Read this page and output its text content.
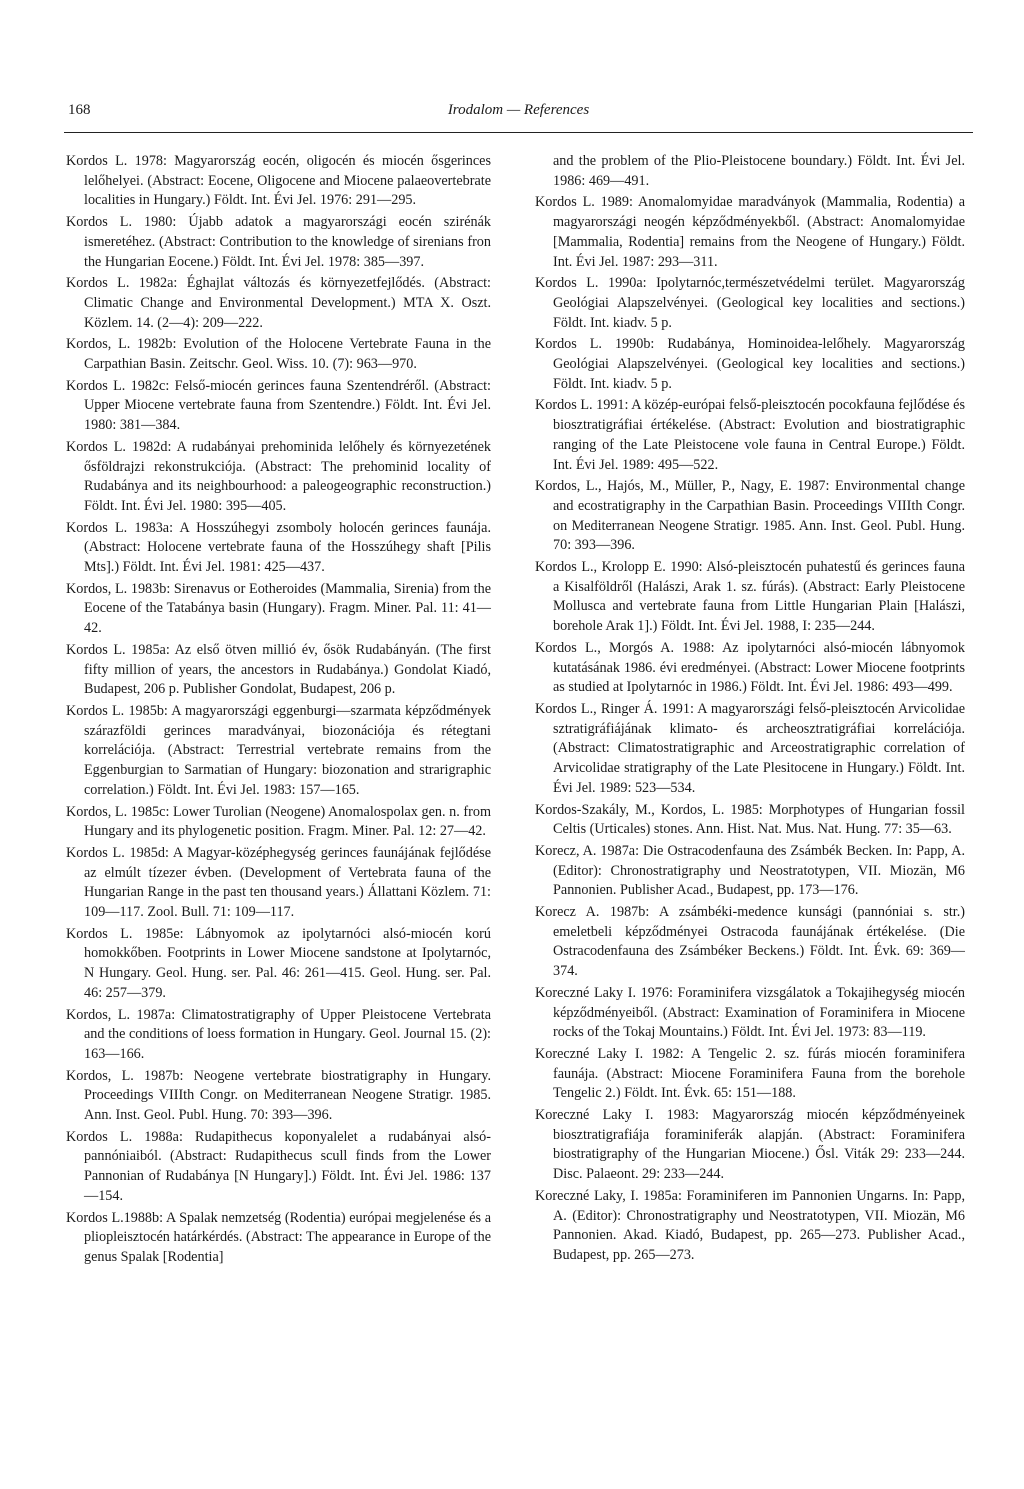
168	Irodalom — References

Kordos L. 1978: Magyarország eocén, oligocén és miocén ősgerinces lelőhelyei. (Abstract: Eocene, Oligocene and Miocene palaeovertebrate localities in Hungary.) Földt. Int. Évi Jel. 1976: 291—295.

Kordos L. 1980: Újabb adatok a magyarországi eocén szirénák ismeretéhez. (Abstract: Contribution to the knowledge of sirenians fron the Hungarian Eocene.) Földt. Int. Évi Jel. 1978: 385—397.

Kordos L. 1982a: Éghajlat változás és környezetfejlődés. (Abstract: Climatic Change and Environmental Development.) MTA X. Oszt. Közlem. 14. (2—4): 209—222.

Kordos, L. 1982b: Evolution of the Holocene Vertebrate Fauna in the Carpathian Basin. Zeitschr. Geol. Wiss. 10. (7): 963—970.

Kordos L. 1982c: Felső-miocén gerinces fauna Szentendréről. (Abstract: Upper Miocene vertebrate fauna from Szentendre.) Földt. Int. Évi Jel. 1980: 381—384.

Kordos L. 1982d: A rudabányai prehominida lelőhely és környezetének ősföldrajzi rekonstrukciója. (Abstract: The prehominid locality of Rudabánya and its neighbourhood: a paleogeographic reconstruction.) Földt. Int. Évi Jel. 1980: 395—405.

Kordos L. 1983a: A Hosszúhegyi zsomboly holocén gerinces faunája. (Abstract: Holocene vertebrate fauna of the Hosszúhegy shaft [Pilis Mts].) Földt. Int. Évi Jel. 1981: 425—437.

Kordos, L. 1983b: Sirenavus or Eotheroides (Mammalia, Sirenia) from the Eocene of the Tatabánya basin (Hungary). Fragm. Miner. Pal. 11: 41—42.

Kordos L. 1985a: Az első ötven millió év, ősök Rudabányán. (The first fifty million of years, the ancestors in Rudabánya.) Gondolat Kiadó, Budapest, 206 p. Publisher Gondolat, Budapest, 206 p.

Kordos L. 1985b: A magyarországi eggenburgi—szarmata képződmények szárazföldi gerinces maradványai, biozonációja és rétegtani korrelációja. (Abstract: Terrestrial vertebrate remains from the Eggenburgian to Sarmatian of Hungary: biozonation and strarigraphic correlation.) Földt. Int. Évi Jel. 1983: 157—165.

Kordos, L. 1985c: Lower Turolian (Neogene) Anomalospolax gen. n. from Hungary and its phylogenetic position. Fragm. Miner. Pal. 12: 27—42.

Kordos L. 1985d: A Magyar-középhegység gerinces faunájának fejlődése az elmúlt tízezer évben. (Development of Vertebrata fauna of the Hungarian Range in the past ten thousand years.) Állattani Közlem. 71: 109—117. Zool. Bull. 71: 109—117.

Kordos L. 1985e: Lábnyomok az ipolytarnóci alsó-miocén korú homokkőben. Footprints in Lower Miocene sandstone at Ipolytarnóc, N Hungary. Geol. Hung. ser. Pal. 46: 261—415. Geol. Hung. ser. Pal. 46: 257—379.

Kordos, L. 1987a: Climatostratigraphy of Upper Pleistocene Vertebrata and the conditions of loess formation in Hungary. Geol. Journal 15. (2): 163—166.

Kordos, L. 1987b: Neogene vertebrate biostratigraphy in Hungary. Proceedings VIIIth Congr. on Mediterranean Neogene Stratigr. 1985. Ann. Inst. Geol. Publ. Hung. 70: 393—396.

Kordos L. 1988a: Rudapithecus koponyalelet a rudabányai alsó-pannóniaiból. (Abstract: Rudapithecus scull finds from the Lower Pannonian of Rudabánya [N Hungary].) Földt. Int. Évi Jel. 1986: 137—154.

Kordos L.1988b: A Spalak nemzetség (Rodentia) európai megjelenése és a pliopleisztocén határkérdés. (Abstract: The appearance in Europe of the genus Spalak [Rodentia]

and the problem of the Plio-Pleistocene boundary.) Földt. Int. Évi Jel. 1986: 469—491.

Kordos L. 1989: Anomalomyidae maradványok (Mammalia, Rodentia) a magyarországi neogén képződményekből. (Abstract: Anomalomyidae [Mammalia, Rodentia] remains from the Neogene of Hungary.) Földt. Int. Évi Jel. 1987: 293—311.

Kordos L. 1990a: Ipolytarnóc,természetvédelmi terület. Magyarország Geológiai Alapszelvényei. (Geological key localities and sections.) Földt. Int. kiadv. 5 p.

Kordos L. 1990b: Rudabánya, Hominoidea-lelőhely. Magyarország Geológiai Alapszelvényei. (Geological key localities and sections.) Földt. Int. kiadv. 5 p.

Kordos L. 1991: A közép-európai felső-pleisztocén pocokfauna fejlődése és biosztratigráfiai értékelése. (Abstract: Evolution and biostratigraphic ranging of the Late Pleistocene vole fauna in Central Europe.) Földt. Int. Évi Jel. 1989: 495—522.

Kordos, L., Hajós, M., Müller, P., Nagy, E. 1987: Environmental change and ecostratigraphy in the Carpathian Basin. Proceedings VIIIth Congr. on Mediterranean Neogene Stratigr. 1985. Ann. Inst. Geol. Publ. Hung. 70: 393—396.

Kordos L., Krolopp E. 1990: Alsó-pleisztocén puhatestű és gerinces fauna a Kisalföldről (Halászi, Arak 1. sz. fúrás). (Abstract: Early Pleistocene Mollusca and vertebrate fauna from Little Hungarian Plain [Halászi, borehole Arak 1].) Földt. Int. Évi Jel. 1988, I: 235—244.

Kordos L., Morgós A. 1988: Az ipolytarnóci alsó-miocén lábnyomok kutatásának 1986. évi eredményei. (Abstract: Lower Miocene footprints as studied at Ipolytarnóc in 1986.) Földt. Int. Évi Jel. 1986: 493—499.

Kordos L., Ringer Á. 1991: A magyarországi felső-pleisztocén Arvicolidae sztratigráfiájának klimato- és archeosztratigráfiai korrelációja. (Abstract: Climatostratigraphic and Arceostratigraphic correlation of Arvicolidae stratigraphy of the Late Plesitocene in Hungary.) Földt. Int. Évi Jel. 1989: 523—534.

Kordos-Szakály, M., Kordos, L. 1985: Morphotypes of Hungarian fossil Celtis (Urticales) stones. Ann. Hist. Nat. Mus. Nat. Hung. 77: 35—63.

Korecz, A. 1987a: Die Ostracodenfauna des Zsámbék Becken. In: Papp, A. (Editor): Chronostratigraphy und Neostratotypen, VII. Miozän, M6 Pannonien. Publisher Acad., Budapest, pp. 173—176.

Korecz A. 1987b: A zsámbéki-medence kunsági (pannóniai s. str.) emeletbeli képződményei Ostracoda faunájának értékelése. (Die Ostracodenfauna des Zsámbéker Beckens.) Földt. Int. Évk. 69: 369—374.

Koreczné Laky I. 1976: Foraminifera vizsgálatok a Tokajihegység miocén képződményeiből. (Abstract: Examination of Foraminifera in Miocene rocks of the Tokaj Mountains.) Földt. Int. Évi Jel. 1973: 83—119.

Koreczné Laky I. 1982: A Tengelic 2. sz. fúrás miocén foraminifera faunája. (Abstract: Miocene Foraminifera Fauna from the borehole Tengelic 2.) Földt. Int. Évk. 65: 151—188.

Koreczné Laky I. 1983: Magyarország miocén képződményeinek biosztratigrafiája foraminiferák alapján. (Abstract: Foraminifera biostratigraphy of the Hungarian Miocene.) Ősl. Viták 29: 233—244. Disc. Palaeont. 29: 233—244.

Koreczné Laky, I. 1985a: Foraminiferen im Pannonien Ungarns. In: Papp, A. (Editor): Chronostratigraphy und Neostratotypen, VII. Miozän, M6 Pannonien. Akad. Kiadó, Budapest, pp. 265—273. Publisher Acad., Budapest, pp. 265—273.
